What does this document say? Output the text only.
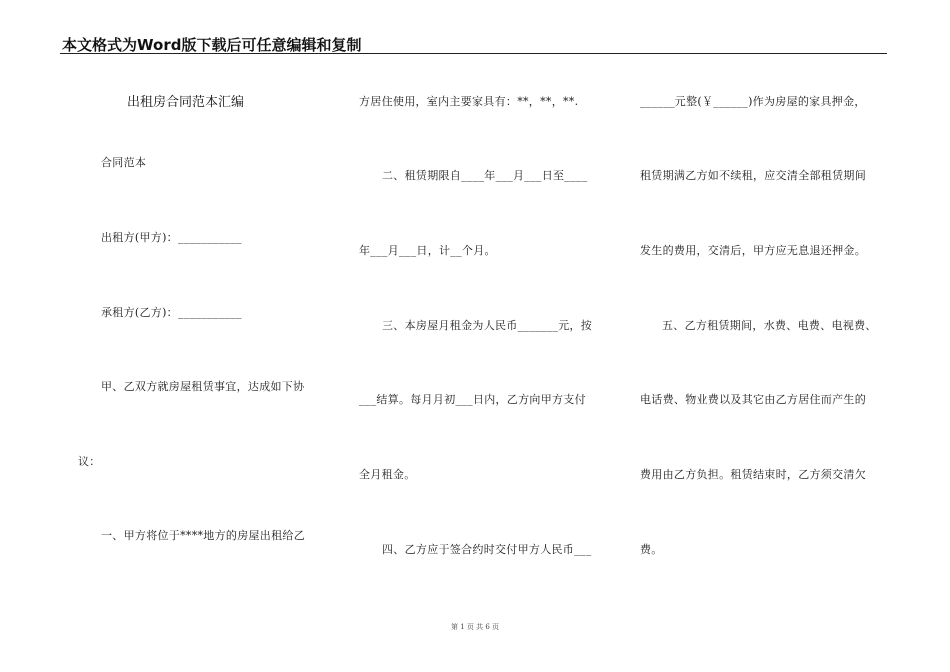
本文格式为Word版下载后可任意编辑和复制
出租房合同范本汇编
合同范本
出租方(甲方)：___________
承租方(乙方)：___________
甲、乙双方就房屋租赁事宜，达成如下协
议：
一、甲方将位于****地方的房屋出租给乙
方居住使用，室内主要家具有：**，**，**.
二、租赁期限自____年___月___日至____
年___月___日，计__个月。
三、本房屋月租金为人民币_______元，按
___结算。每月月初___日内，乙方向甲方支付
全月租金。
四、乙方应于签合约时交付甲方人民币___
______元整(￥______)作为房屋的家具押金，
租赁期满乙方如不续租，应交清全部租赁期间
发生的费用，交清后，甲方应无息退还押金。
五、乙方租赁期间，水费、电费、电视费、
电话费、物业费以及其它由乙方居住而产生的
费用由乙方负担。租赁结束时，乙方须交清欠
费。
第 1 页 共 6 页
